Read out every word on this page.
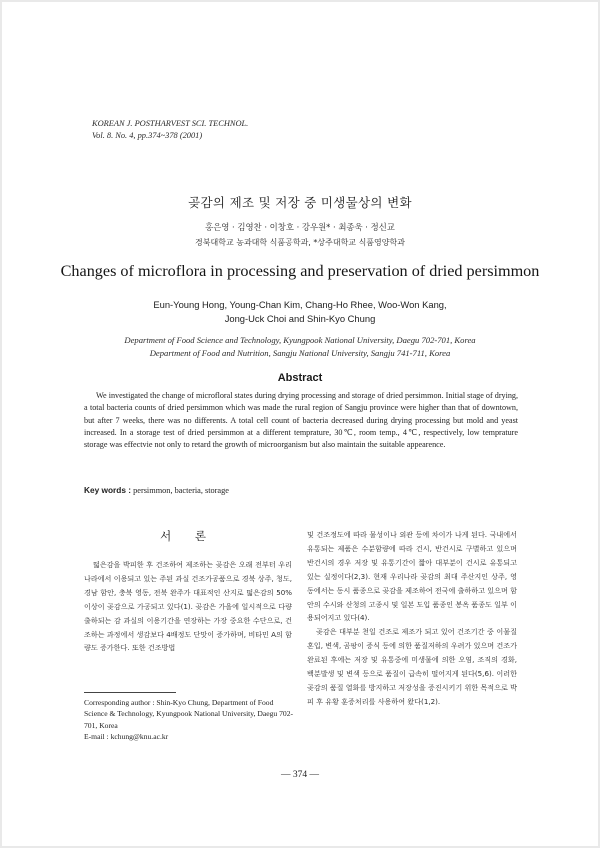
KOREAN J. POSTHARVEST SCI. TECHNOL.
Vol. 8. No. 4, pp.374~378 (2001)
곶감의 제조 및 저장 중 미생물상의 변화
홍은영 · 김영찬 · 이창호 · 강우원* · 최종욱 · 정신교
경북대학교 농과대학 식품공학과, *상주대학교 식품영양학과
Changes of microflora in processing and preservation of dried persimmon
Eun-Young Hong, Young-Chan Kim, Chang-Ho Rhee, Woo-Won Kang,
Jong-Uck Choi and Shin-Kyo Chung
Department of Food Science and Technology, Kyungpook National University, Daegu 702-701, Korea
Department of Food and Nutrition, Sangju National University, Sangju 741-711, Korea
Abstract
We investigated the change of microfloral states during drying processing and storage of dried persimmon. Initial stage of drying, a total bacteria counts of dried persimmon which was made the rural region of Sangju province were higher than that of downtown, but after 7 weeks, there was no differents. A total cell count of bacteria decreased during drying processing but mold and yeast increased. In a storage test of dried persimmon at a different temprature, 30℃, room temp., 4℃, respectively, low temprature storage was effectvie not only to retard the growth of microorganism but also maintain the suitable appearence.
Key words : persimmon, bacteria, storage
서 론

떫은감을 박피한 후 건조하여 제조하는 곶감은 오래 전부터 우리나라에서 이용되고 있는 주된 과실 건조가공품으로 경북 상주, 청도, 경남 함안, 충북 영동, 전북 완주가 대표적인 산지로 떫은감의 50% 이상이 곶감으로 가공되고 있다(1). 곶감은 가을에 일시적으로 다량 출하되는 감 과실의 이용기간을 연장하는 가장 중요한 수단으로, 건조하는 과정에서 생감보다 4배정도 단맛이 증가하며, 비타민 A의 함량도 증가한다. 또한 건조방법

및 건조정도에 따라 물성이나 외관 등에 차이가 나게 된다. 국내에서 유통되는 제품은 수분함량에 따라 건시, 반건시로 구별하고 있으며 반건시의 경우 저장 및 유통기간이 짧아 대부분이 건시로 유통되고 있는 실정이다(2,3). 현재 우리나라 곶감의 최대 주산지인 상주, 영동에서는 동시 품종으로 곶감을 제조하여 전국에 출하하고 있으며 함안의 수시와 산청의 고종시 및 일본 도입 품종인 봉옥 품종도 일부 이용되어지고 있다(4).

곶감은 대부분 천일 건조로 제조가 되고 있어 건조기간 중 이물질 혼입, 변색, 곰팡이 증식 등에 의한 품질저하의 우려가 있으며 건조가 완료된 후에는 저장 및 유통중에 미생물에 의한 오염, 조직의 경화, 백분발생 및 변색 등으로 품질이 급속히 떨어지게 된다(5,6). 이러한 곶감의 품질 열화를 방지하고 저장성을 증진시키기 위한 목적으로 박피 후 유황 훈증처리를 사용하여 왔다(1,2).

Corresponding author : Shin-Kyo Chung, Department of Food Science & Technology, Kyungpook National University, Daegu 702-701, Korea
E-mail : kchung@knu.ac.kr
— 374 —
